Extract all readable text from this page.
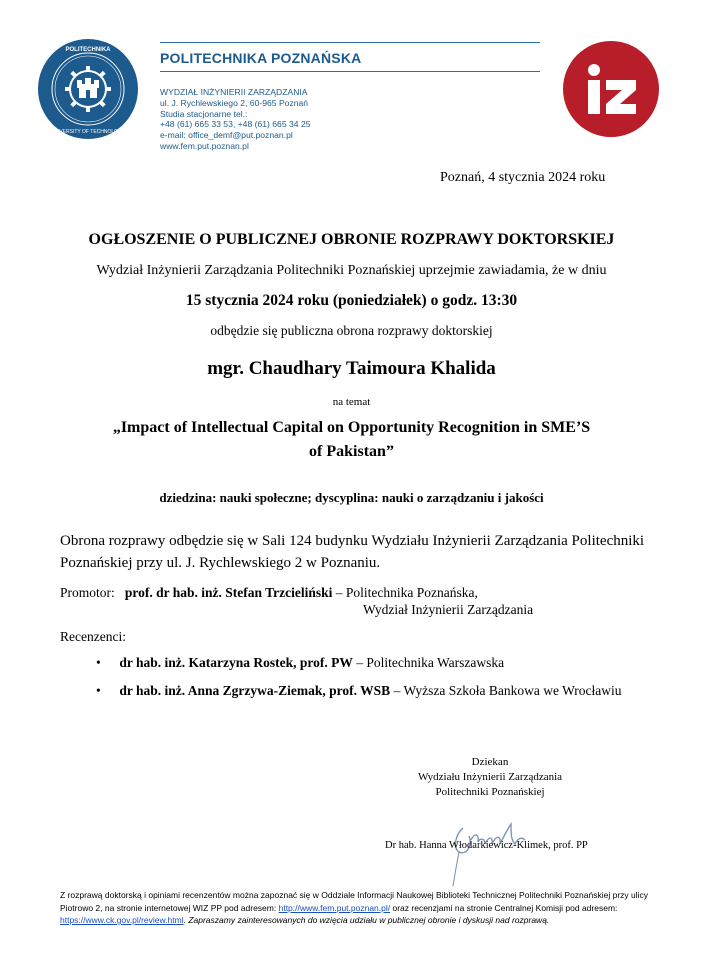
POLITECHNIKA
UNIVERSITY OF TECHNOLOGY
POLITECHNIKA POZNAŃSKA
WYDZIAŁ INŻYNIERII ZARZĄDZANIA
ul. J. Rychlewskiego 2, 60-965 Poznań
Studia stacjonarne tel.:
+48 (61) 665 33 53, +48 (61) 665 34 25
e-mail: office_demf@put.poznan.pl
www.fem.put.poznan.pl
Poznań, 4 stycznia 2024 roku
OGŁOSZENIE O PUBLICZNEJ OBRONIE ROZPRAWY DOKTORSKIEJ
Wydział Inżynierii Zarządzania Politechniki Poznańskiej uprzejmie zawiadamia, że w dniu
15 stycznia 2024 roku (poniedziałek) o godz. 13:30
odbędzie się publiczna obrona rozprawy doktorskiej
mgr. Chaudhary Taimoura Khalida
na temat
„Impact of Intellectual Capital on Opportunity Recognition in SME’S
of Pakistan”
dziedzina: nauki społeczne; dyscyplina: nauki o zarządzaniu i jakości
Obrona rozprawy odbędzie się w Sali 124 budynku Wydziału Inżynierii Zarządzania Politechniki
Poznańskiej przy ul. J. Rychlewskiego 2 w Poznaniu.
Promotor: prof. dr hab. inż. Stefan Trzcieliński – Politechnika Poznańska,
Wydział Inżynierii Zarządzania
Recenzenci:
• dr hab. inż. Katarzyna Rostek, prof. PW – Politechnika Warszawska
• dr hab. inż. Anna Zgrzywa-Ziemak, prof. WSB – Wyższa Szkoła Bankowa we Wrocławiu
Dziekan
Wydziału Inżynierii Zarządzania
Politechniki Poznańskiej
Dr hab. Hanna Włodarkiewicz-Klimek, prof. PP
Z rozprawą doktorską i opiniami recenzentów można zapoznać się w Oddziale Informacji Naukowej Biblioteki Technicznej Politechniki Poznańskiej przy ulicy Piotrowo 2, na stronie internetowej WIZ PP pod adresem: http://www.fem.put.poznan.pl/ oraz recenzjami na stronie Centralnej Komisji pod adresem: https://www.ck.gov.pl/review.html. Zapraszamy zainteresowanych do wzięcia udziału w publicznej obronie i dyskusji nad rozprawą.
